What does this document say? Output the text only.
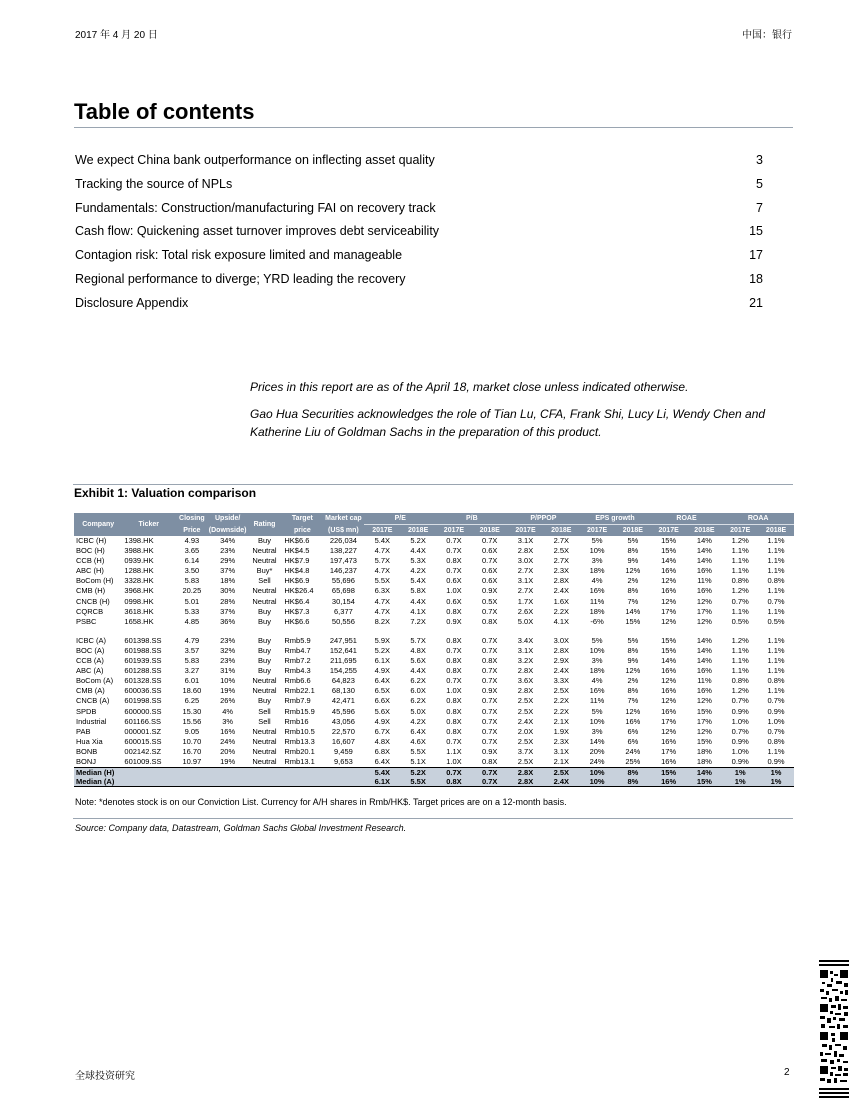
2017 年 4 月 20 日	中国：银行
Table of contents
We expect China bank outperformance on inflecting asset quality	3
Tracking the source of NPLs	5
Fundamentals: Construction/manufacturing FAI on recovery track	7
Cash flow: Quickening asset turnover improves debt serviceability	15
Contagion risk: Total risk exposure limited and manageable	17
Regional performance to diverge; YRD leading the recovery	18
Disclosure Appendix	21

Prices in this report are as of the April 18, market close unless indicated otherwise.

Gao Hua Securities acknowledges the role of Tian Lu, CFA, Frank Shi, Lucy Li, Wendy Chen and Katherine Liu of Goldman Sachs in the preparation of this product.

Exhibit 1: Valuation comparison
Company	Ticker	Closing	Upside/	Rating	Target	Market cap	P/E		P/B		P/PPOP		EPS growth		ROAE		ROAA	
		Price	(Downside)		price	(US$ mn)	2017E	2018E	2017E	2018E	2017E	2018E	2017E	2018E	2017E	2018E	2017E	2018E
ICBC (H)	1398.HK	4.93	34%	Buy	HK$6.6	226,034	5.4X	5.2X	0.7X	0.7X	3.1X	2.7X	5%	5%	15%	14%	1.2%	1.1%
BOC (H)	3988.HK	3.65	23%	Neutral	HK$4.5	138,227	4.7X	4.4X	0.7X	0.6X	2.8X	2.5X	10%	8%	15%	14%	1.1%	1.1%
CCB (H)	0939.HK	6.14	29%	Neutral	HK$7.9	197,473	5.7X	5.3X	0.8X	0.7X	3.0X	2.7X	3%	9%	14%	14%	1.1%	1.1%
ABC (H)	1288.HK	3.50	37%	Buy*	HK$4.8	146,237	4.7X	4.2X	0.7X	0.6X	2.7X	2.3X	18%	12%	16%	16%	1.1%	1.1%
BoCom (H)	3328.HK	5.83	18%	Sell	HK$6.9	55,696	5.5X	5.4X	0.6X	0.6X	3.1X	2.8X	4%	2%	12%	11%	0.8%	0.8%
CMB (H)	3968.HK	20.25	30%	Neutral	HK$26.4	65,698	6.3X	5.8X	1.0X	0.9X	2.7X	2.4X	16%	8%	16%	16%	1.2%	1.1%
CNCB (H)	0998.HK	5.01	28%	Neutral	HK$6.4	30,154	4.7X	4.4X	0.6X	0.5X	1.7X	1.6X	11%	7%	12%	12%	0.7%	0.7%
CQRCB	3618.HK	5.33	37%	Buy	HK$7.3	6,377	4.7X	4.1X	0.8X	0.7X	2.6X	2.2X	18%	14%	17%	17%	1.1%	1.1%
PSBC	1658.HK	4.85	36%	Buy	HK$6.6	50,556	8.2X	7.2X	0.9X	0.8X	5.0X	4.1X	-6%	15%	12%	12%	0.5%	0.5%

ICBC (A)	601398.SS	4.79	23%	Buy	Rmb5.9	247,951	5.9X	5.7X	0.8X	0.7X	3.4X	3.0X	5%	5%	15%	14%	1.2%	1.1%
BOC (A)	601988.SS	3.57	32%	Buy	Rmb4.7	152,641	5.2X	4.8X	0.7X	0.7X	3.1X	2.8X	10%	8%	15%	14%	1.1%	1.1%
CCB (A)	601939.SS	5.83	23%	Buy	Rmb7.2	211,695	6.1X	5.6X	0.8X	0.8X	3.2X	2.9X	3%	9%	14%	14%	1.1%	1.1%
ABC (A)	601288.SS	3.27	31%	Buy	Rmb4.3	154,255	4.9X	4.4X	0.8X	0.7X	2.8X	2.4X	18%	12%	16%	16%	1.1%	1.1%
BoCom (A)	601328.SS	6.01	10%	Neutral	Rmb6.6	64,823	6.4X	6.2X	0.7X	0.7X	3.6X	3.3X	4%	2%	12%	11%	0.8%	0.8%
CMB (A)	600036.SS	18.60	19%	Neutral	Rmb22.1	68,130	6.5X	6.0X	1.0X	0.9X	2.8X	2.5X	16%	8%	16%	16%	1.2%	1.1%
CNCB (A)	601998.SS	6.25	26%	Buy	Rmb7.9	42,471	6.6X	6.2X	0.8X	0.7X	2.5X	2.2X	11%	7%	12%	12%	0.7%	0.7%
SPDB	600000.SS	15.30	4%	Sell	Rmb15.9	45,596	5.6X	5.0X	0.8X	0.7X	2.5X	2.2X	5%	12%	16%	15%	0.9%	0.9%
Industrial	601166.SS	15.56	3%	Sell	Rmb16	43,056	4.9X	4.2X	0.8X	0.7X	2.4X	2.1X	10%	16%	17%	17%	1.0%	1.0%
PAB	000001.SZ	9.05	16%	Neutral	Rmb10.5	22,570	6.7X	6.4X	0.8X	0.7X	2.0X	1.9X	3%	6%	12%	12%	0.7%	0.7%
Hua Xia	600015.SS	10.70	24%	Neutral	Rmb13.3	16,607	4.8X	4.6X	0.7X	0.7X	2.5X	2.3X	14%	6%	16%	15%	0.9%	0.8%
BONB	002142.SZ	16.70	20%	Neutral	Rmb20.1	9,459	6.8X	5.5X	1.1X	0.9X	3.7X	3.1X	20%	24%	17%	18%	1.0%	1.1%
BONJ	601009.SS	10.97	19%	Neutral	Rmb13.1	9,653	6.4X	5.1X	1.0X	0.8X	2.5X	2.1X	24%	25%	16%	18%	0.9%	0.9%
Median (H)							5.4X	5.2X	0.7X	0.7X	2.8X	2.5X	10%	8%	15%	14%	1%	1%
Median (A)							6.1X	5.5X	0.8X	0.7X	2.8X	2.4X	10%	8%	16%	15%	1%	1%
Note: *denotes stock is on our Conviction List. Currency for A/H shares in Rmb/HK$. Target prices are on a 12-month basis.
Source: Company data, Datastream, Goldman Sachs Global Investment Research.
全球投资研究	2
